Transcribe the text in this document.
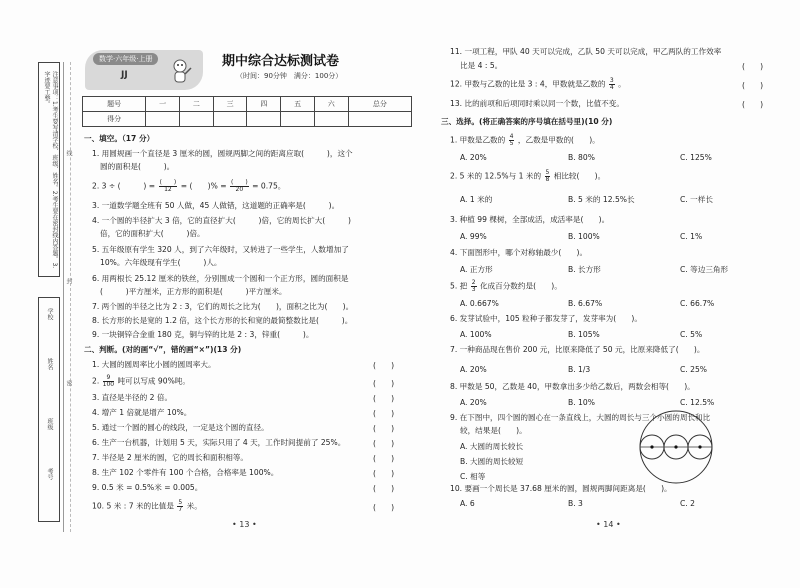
注意事项：1.考生要写清学校、班级、姓名。2.考生要在密封线内答题。3.字迹要工整。
学校
姓名
班级
考号
线
封
密
数学·六年级·上册
JJ
期中综合达标测试卷
（时间：90分钟　满分：100分）
题号	一	二	三	四	五	六	总分
得分							
一、填空。（17 分）
1. 用圆规画一个直径是 3 厘米的圆，圆规两脚之间的距离应取(　　　)，这个
圆的面积是(　　　)。
2. 3 ÷ (　　　) = $\frac{( )}{12}$ = (　　)% = $\frac{( )}{20} = 0.75$。
3. 一道数学题全班有 50 人做，45 人做错，这道题的正确率是(　　　)。
4. 一个圆的半径扩大 3 倍，它的直径扩大(　　　)倍，它的周长扩大(　　　)
倍，它的面积扩大(　　　)倍。
5. 五年级原有学生 320 人，到了六年级时，又转进了一些学生，人数增加了
10%。六年级现有学生(　　　)人。
6. 用两根长 25.12 厘米的铁丝，分别围成一个圆和一个正方形，圆的面积是
(　　　)平方厘米，正方形的面积是(　　　)平方厘米。
7. 两个圆的半径之比为 2 : 3，它们的周长之比为(　　)，面积之比为(　　)。
8. 长方形的长是宽的 1.2 倍，这个长方形的长和宽的最简整数比是(　　　)。
9. 一块铜锌合金重 180 克，铜与锌的比是 2 : 3，锌重(　　　)。
二、判断。(对的画“√”，错的画“×”)(13 分)
1. 大圆的圆周率比小圆的圆周率大。
2. $\frac{9}{100}$ 吨可以写成 90%吨。
3. 直径是半径的 2 倍。
4. 增产 1 倍就是增产 10%。
5. 通过一个圆的圆心的线段，一定是这个圆的直径。
6. 生产一台机器，计划用 5 天，实际只用了 4 天，工作时间提前了 25%。
7. 半径是 2 厘米的圆，它的周长和面积相等。
8. 生产 102 个零件有 100 个合格，合格率是 100%。
9. 0.5 米 = 0.5%米 = 0.005。
10. 5 米 : 7 米的比值是 $\frac{5}{7}$ 米。
(　　)
(　　)
(　　)
(　　)
(　　)
(　　)
(　　)
(　　)
(　　)
(　　)
• 13 •
11. 一项工程，甲队 40 天可以完成，乙队 50 天可以完成，甲乙两队的工作效率
比是 4 : 5。	(　　)
12. 甲数与乙数的比是 3 : 4，甲数就是乙数的 $\frac{3}{4}$ 。	(　　)
13. 比的前项和后项同时乘以同一个数，比值不变。	(　　)
三、选择。(将正确答案的序号填在括号里)(10 分)
1. 甲数是乙数的 $\frac{4}{5}$ ，乙数是甲数的(　　)。
A. 20%	B. 80%	C. 125%
2. 5 米的 12.5%与 1 米的 $\frac{5}{8}$ 相比较(　　)。
A. 1 米的	B. 5 米的 12.5%长	C. 一样长
3. 种植 99 棵树，全部成活，成活率是(　　)。
A. 99%	B. 100%	C. 1%
4. 下面图形中，哪个对称轴最少(　　)。
A. 正方形	B. 长方形	C. 等边三角形
5. 把 $\frac{2}{3}$ 化成百分数约是(　　)。
A. 0.667%	B. 6.67%	C. 66.7%
6. 发芽试验中，105 粒种子都发芽了，发芽率为(　　)。
A. 100%	B. 105%	C. 5%
7. 一种商品现在售价 200 元，比原来降低了 50 元，比原来降低了(　　)。
A. 20%	B. 1/3	C. 25%
8. 甲数是 50，乙数是 40，甲数拿出多少给乙数后，两数会相等(　　)。
A. 20%	B. 10%	C. 12.5%
9. 在下图中，四个圆的圆心在一条直线上，大圆的周长与三个小圆的周长和比
较，结果是(　　)。
A. 大圆的周长较长
B. 大圆的周长较短
C. 相等
10. 要画一个周长是 37.68 厘米的圆，圆规两脚间距离是(　　)。
A. 6	B. 3	C. 2
• 14 •
